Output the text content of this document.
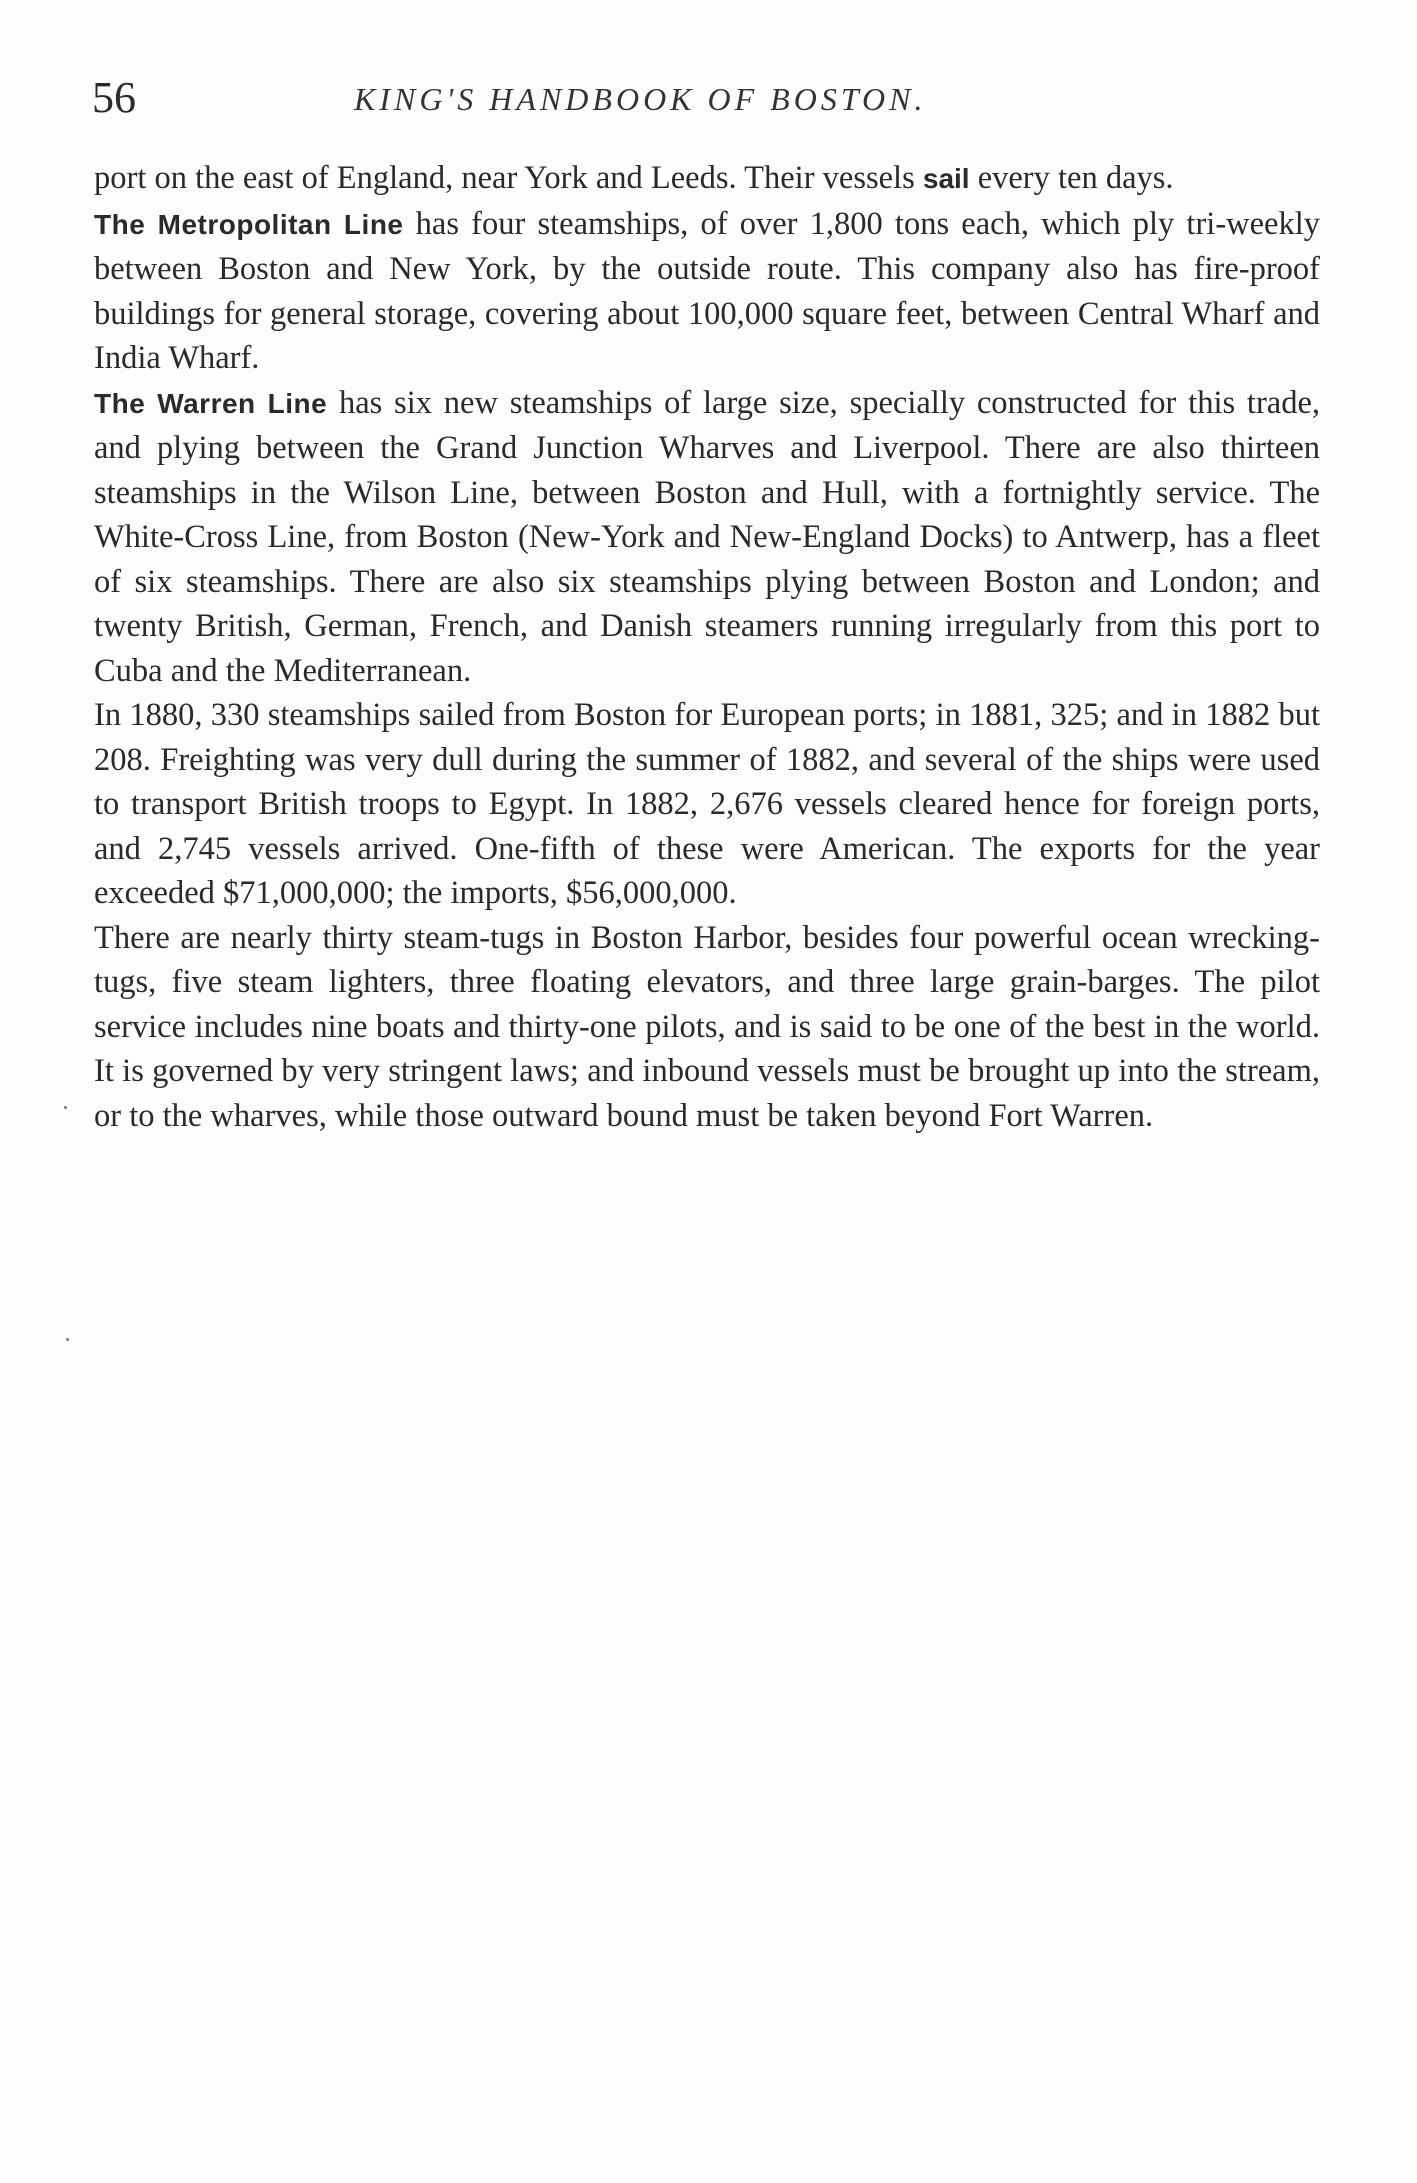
56	KING'S HANDBOOK OF BOSTON.

port on the east of England, near York and Leeds. Their vessels sail every ten days.

The Metropolitan Line has four steamships, of over 1,800 tons each, which ply tri-weekly between Boston and New York, by the outside route. This company also has fire-proof buildings for general storage, covering about 100,000 square feet, between Central Wharf and India Wharf.

The Warren Line has six new steamships of large size, specially constructed for this trade, and plying between the Grand Junction Wharves and Liverpool. There are also thirteen steamships in the Wilson Line, between Boston and Hull, with a fortnightly service. The White-Cross Line, from Boston (New-York and New-England Docks) to Antwerp, has a fleet of six steamships. There are also six steamships plying between Boston and London; and twenty British, German, French, and Danish steamers running irregularly from this port to Cuba and the Mediterranean.

In 1880, 330 steamships sailed from Boston for European ports; in 1881, 325; and in 1882 but 208. Freighting was very dull during the summer of 1882, and several of the ships were used to transport British troops to Egypt. In 1882, 2,676 vessels cleared hence for foreign ports, and 2,745 vessels arrived. One-fifth of these were American. The exports for the year exceeded $71,000,000; the imports, $56,000,000.

There are nearly thirty steam-tugs in Boston Harbor, besides four powerful ocean wrecking-tugs, five steam lighters, three floating elevators, and three large grain-barges. The pilot service includes nine boats and thirty-one pilots, and is said to be one of the best in the world. It is governed by very stringent laws; and inbound vessels must be brought up into the stream, or to the wharves, while those outward bound must be taken beyond Fort Warren.
